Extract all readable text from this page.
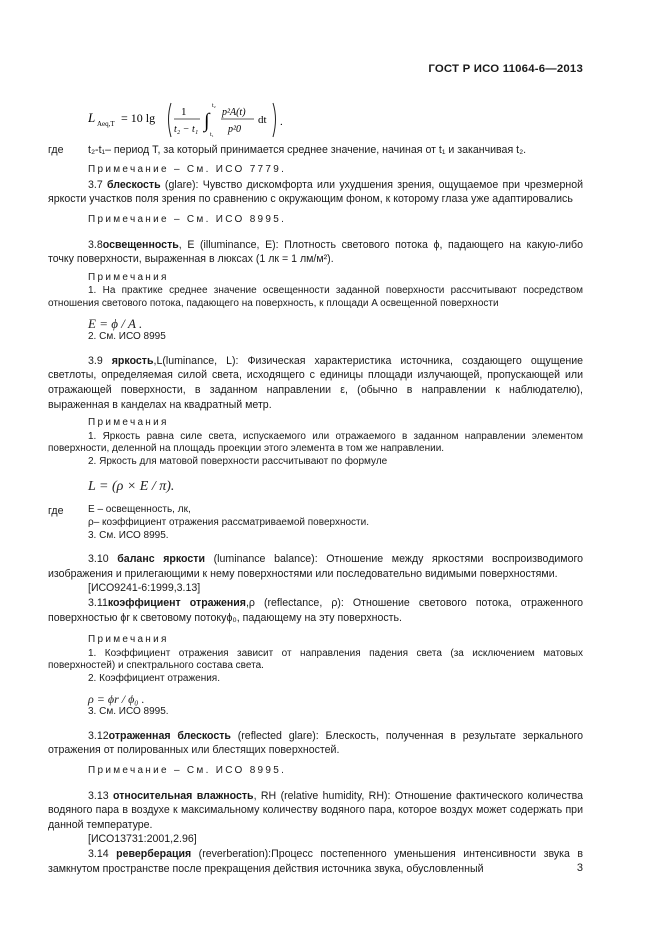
ГОСТ Р ИСО 11064-6—2013
L Aeq,T = 10 lg 1
t₂ − t₁ ∫
t₂
t₁
p²A(t)
p²0
dt .
где	t₂-t₁– период T, за который принимается среднее значение, начиная от t₁ и заканчивая t₂.

Примечание – См. ИСО 7779.

3.7 блескость (glare): Чувство дискомфорта или ухудшения зрения, ощущаемое при чрезмерной яркости участков поля зрения по сравнению с окружающим фоном, к которому глаза уже адаптировались

Примечание – См. ИСО 8995.

3.8освещенность, E (illuminance, E): Плотность светового потока ϕ, падающего на какую-либо точку поверхности, выраженная в люксах (1 лк = 1 лм/м²).

Примечания

1. На практике среднее значение освещенности заданной поверхности рассчитывают посредством отношения светового потока, падающего на поверхность, к площади A освещенной поверхности

E = ϕ / A .

2. См. ИСО 8995

3.9 яркость,L(luminance, L): Физическая характеристика источника, создающего ощущение светлоты, определяемая силой света, исходящего с единицы площади излучающей, пропускающей или отражающей поверхности, в заданном направлении ε, (обычно в направлении к наблюдателю), выраженная в канделах на квадратный метр.

Примечания

1. Яркость равна силе света, испускаемого или отражаемого в заданном направлении элементом поверхности, деленной на площадь проекции этого элемента в том же направлении.

2. Яркость для матовой поверхности рассчитывают по формуле

L = (ρ × E / π).

где	E – освещенность, лк,
ρ– коэффициент отражения рассматриваемой поверхности.
3. См. ИСО 8995.

3.10 баланс яркости (luminance balance): Отношение между яркостями воспроизводимого изображения и прилегающими к нему поверхностями или последовательно видимыми поверхностями.

[ИСО9241-6:1999,3.13]

3.11коэффициент отражения,ρ (reflectance, ρ): Отношение светового потока, отраженного поверхностью ϕr к световому потокуϕ₀, падающему на эту поверхность.

Примечания

1. Коэффициент отражения зависит от направления падения света (за исключением матовых поверхностей) и спектрального состава света.

2. Коэффициент отражения.

ρ = ϕr / ϕ₀ .

3. См. ИСО 8995.

3.12отраженная блескость (reflected glare): Блескость, полученная в результате зеркального отражения от полированных или блестящих поверхностей.

Примечание – См. ИСО 8995.

3.13 относительная влажность, RH (relative humidity, RH): Отношение фактического количества водяного пара в воздухе к максимальному количеству водяного пара, которое воздух может содержать при данной температуре.

[ИСО13731:2001,2.96]

3.14 реверберация (reverberation):Процесс постепенного уменьшения интенсивности звука в замкнутом пространстве после прекращения действия источника звука, обусловленный	3
